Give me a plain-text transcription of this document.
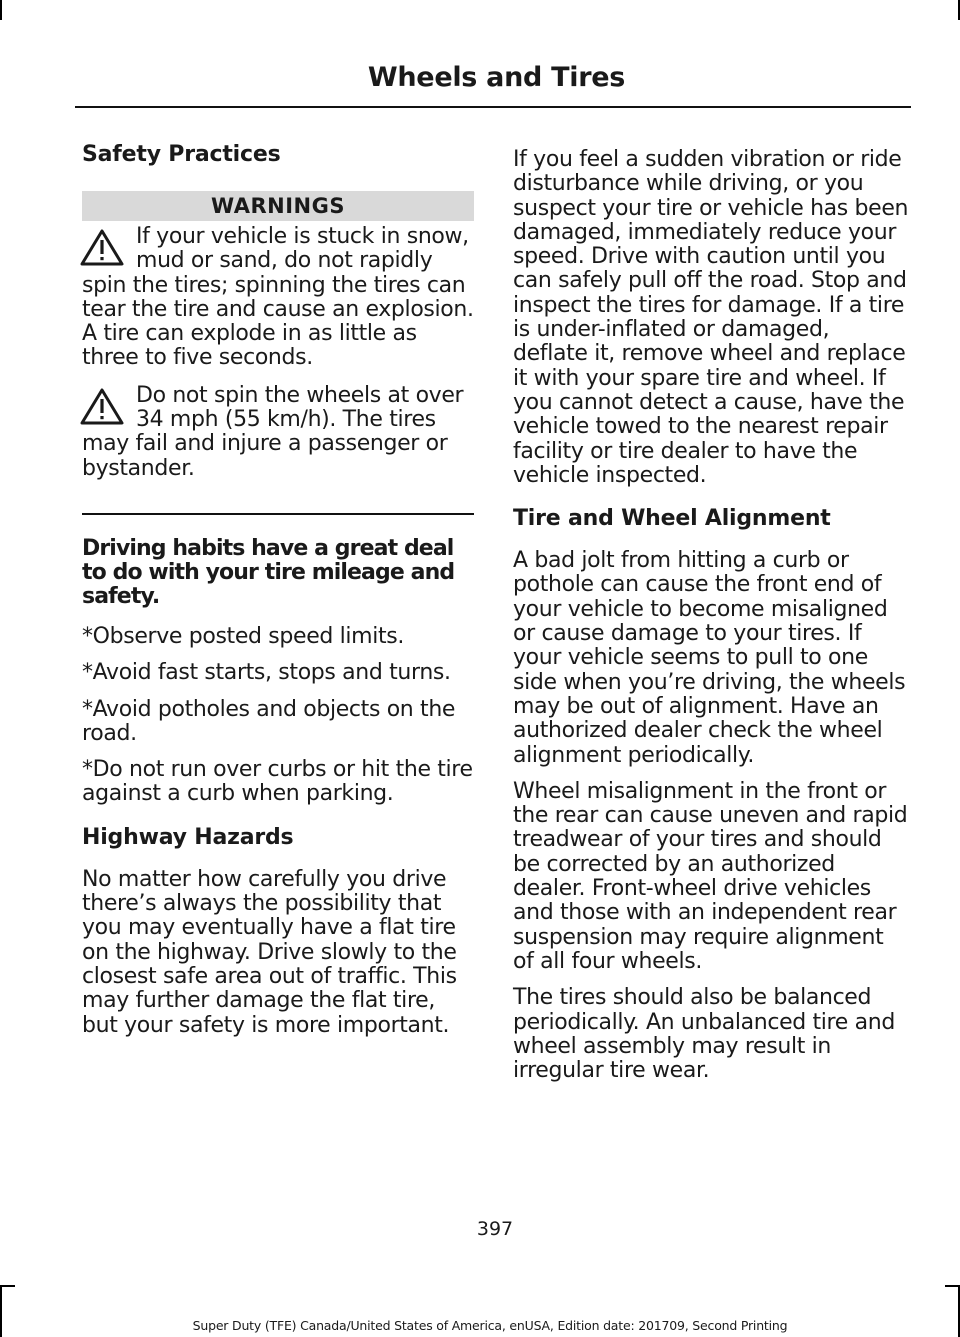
Wheels and Tires
Safety Practices
WARNINGS

If your vehicle is stuck in snow, mud or sand, do not rapidly spin the tires; spinning the tires can tear the tire and cause an explosion. A tire can explode in as little as three to five seconds.

Do not spin the wheels at over 34 mph (55 km/h). The tires may fail and injure a passenger or bystander.

Driving habits have a great deal to do with your tire mileage and safety.

*Observe posted speed limits.

*Avoid fast starts, stops and turns.

*Avoid potholes and objects on the road.

*Do not run over curbs or hit the tire against a curb when parking.

Highway Hazards

No matter how carefully you drive there’s always the possibility that you may eventually have a flat tire on the highway. Drive slowly to the closest safe area out of traffic. This may further damage the flat tire, but your safety is more important.

If you feel a sudden vibration or ride disturbance while driving, or you suspect your tire or vehicle has been damaged, immediately reduce your speed. Drive with caution until you can safely pull off the road. Stop and inspect the tires for damage. If a tire is under-inflated or damaged, deflate it, remove wheel and replace it with your spare tire and wheel. If you cannot detect a cause, have the vehicle towed to the nearest repair facility or tire dealer to have the vehicle inspected.

Tire and Wheel Alignment

A bad jolt from hitting a curb or pothole can cause the front end of your vehicle to become misaligned or cause damage to your tires. If your vehicle seems to pull to one side when you’re driving, the wheels may be out of alignment. Have an authorized dealer check the wheel alignment periodically.

Wheel misalignment in the front or the rear can cause uneven and rapid treadwear of your tires and should be corrected by an authorized dealer. Front-wheel drive vehicles and those with an independent rear suspension may require alignment of all four wheels.

The tires should also be balanced periodically. An unbalanced tire and wheel assembly may result in irregular tire wear.

397
Super Duty (TFE) Canada/United States of America, enUSA, Edition date: 201709, Second Printing
